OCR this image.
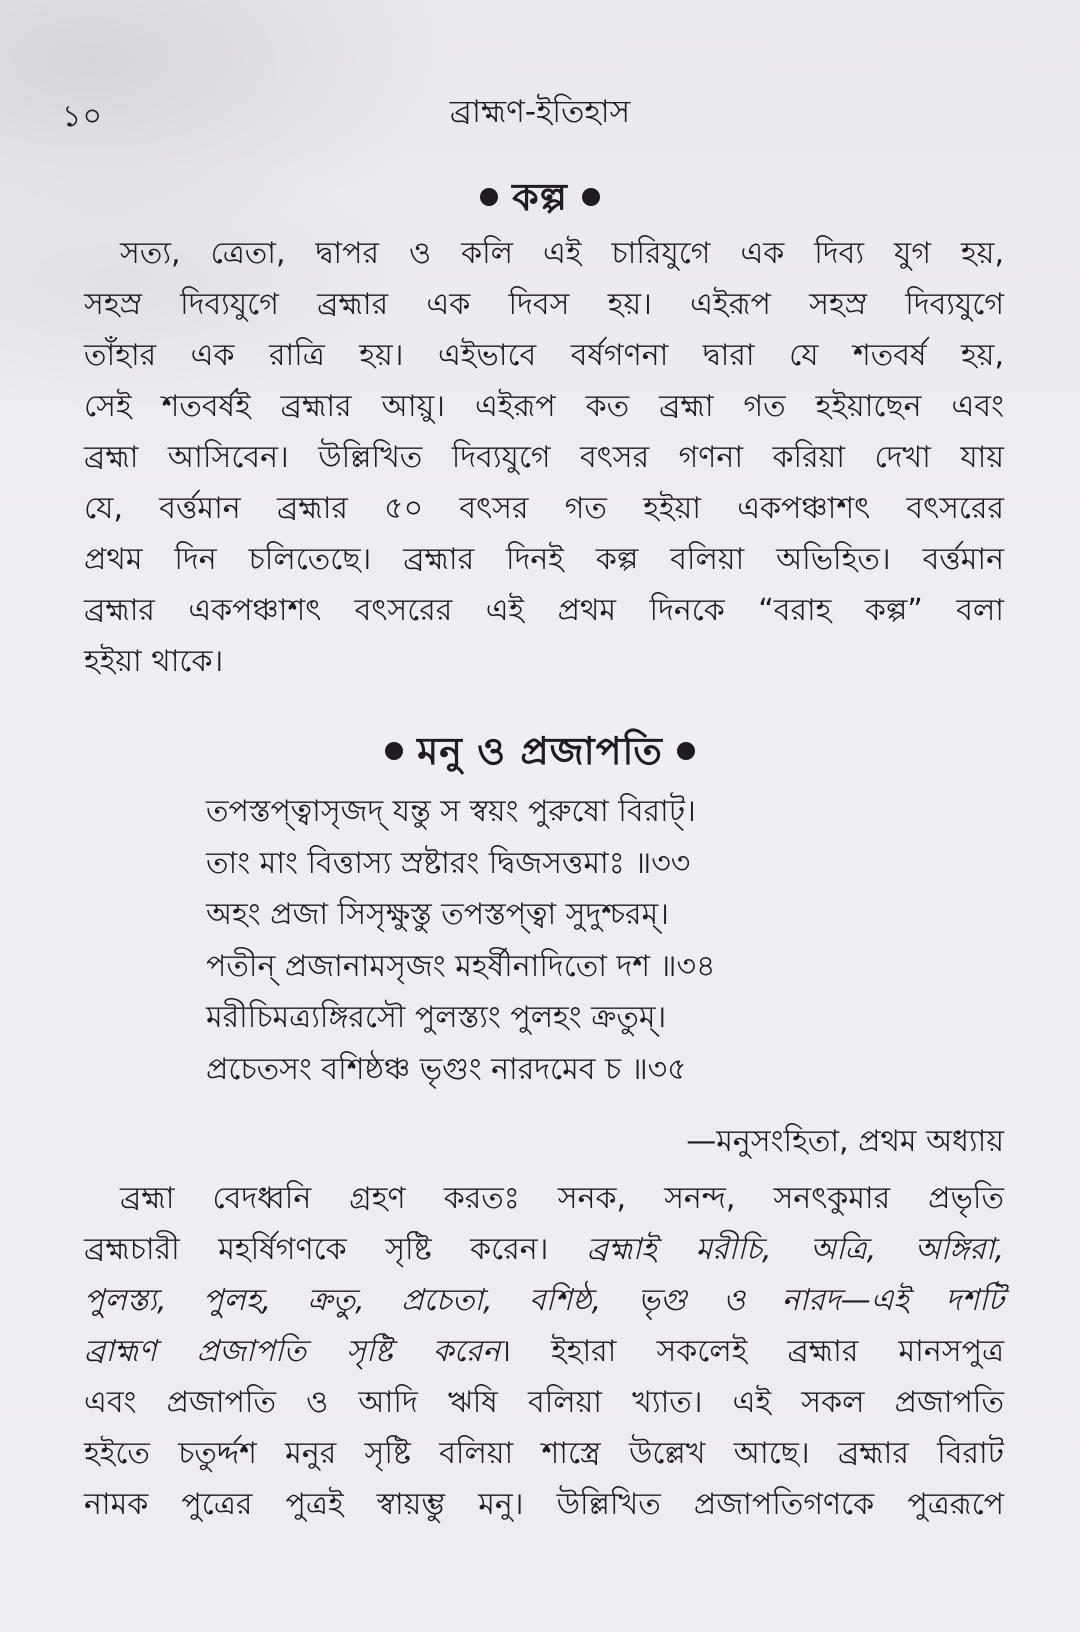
১০	ব্রাহ্মণ-ইতিহাস
কল্প
সত্য, ত্রেতা, দ্বাপর ও কলি এই চারিযুগে এক দিব্য যুগ হয়,
সহস্র দিব্যযুগে ব্রহ্মার এক দিবস হয়। এইরূপ সহস্র দিব্যযুগে
তাঁহার এক রাত্রি হয়। এইভাবে বর্ষগণনা দ্বারা যে শতবর্ষ হয়,
সেই শতবর্ষই ব্রহ্মার আয়ু। এইরূপ কত ব্রহ্মা গত হইয়াছেন এবং
ব্রহ্মা আসিবেন। উল্লিখিত দিব্যযুগে বৎসর গণনা করিয়া দেখা যায়
যে, বর্ত্তমান ব্রহ্মার ৫০ বৎসর গত হইয়া একপঞ্চাশৎ বৎসরের
প্রথম দিন চলিতেছে। ব্রহ্মার দিনই কল্প বলিয়া অভিহিত। বর্ত্তমান
ব্রহ্মার একপঞ্চাশৎ বৎসরের এই প্রথম দিনকে “বরাহ কল্প” বলা
হইয়া থাকে।
মনু ও প্রজাপতি
তপস্তপ্ত্বাসৃজদ্ যন্তু স স্বয়ং পুরুষো বিরাট্।
তাং মাং বিত্তাস্য স্রষ্টারং দ্বিজসত্তমাঃ ॥৩৩
অহং প্রজা সিসৃক্ষুস্তু তপস্তপ্ত্বা সুদুশ্চরম্।
পতীন্ প্রজানামসৃজং মহর্ষীনাদিতো দশ ॥৩৪
মরীচিমত্র্যঙ্গিরসৌ পুলস্ত্যং পুলহং ক্রতুম্।
প্রচেতসং বশিষ্ঠঞ্চ ভৃগুং নারদমেব চ ॥৩৫
—মনুসংহিতা, প্রথম অধ্যায়
ব্রহ্মা বেদধ্বনি গ্রহণ করতঃ সনক, সনন্দ, সনৎকুমার প্রভৃতি
ব্রহ্মচারী মহর্ষিগণকে সৃষ্টি করেন। ব্রহ্মাই মরীচি, অত্রি, অঙ্গিরা,
পুলস্ত্য, পুলহ, ক্রতু, প্রচেতা, বশিষ্ঠ, ভৃগু ও নারদ—এই দশটি
ব্রাহ্মণ প্রজাপতি সৃষ্টি করেন। ইহারা সকলেই ব্রহ্মার মানসপুত্র
এবং প্রজাপতি ও আদি ঋষি বলিয়া খ্যাত। এই সকল প্রজাপতি
হইতে চতুর্দ্দশ মনুর সৃষ্টি বলিয়া শাস্ত্রে উল্লেখ আছে। ব্রহ্মার বিরাট
নামক পুত্রের পুত্রই স্বায়ম্ভু মনু। উল্লিখিত প্রজাপতিগণকে পুত্ররূপে
